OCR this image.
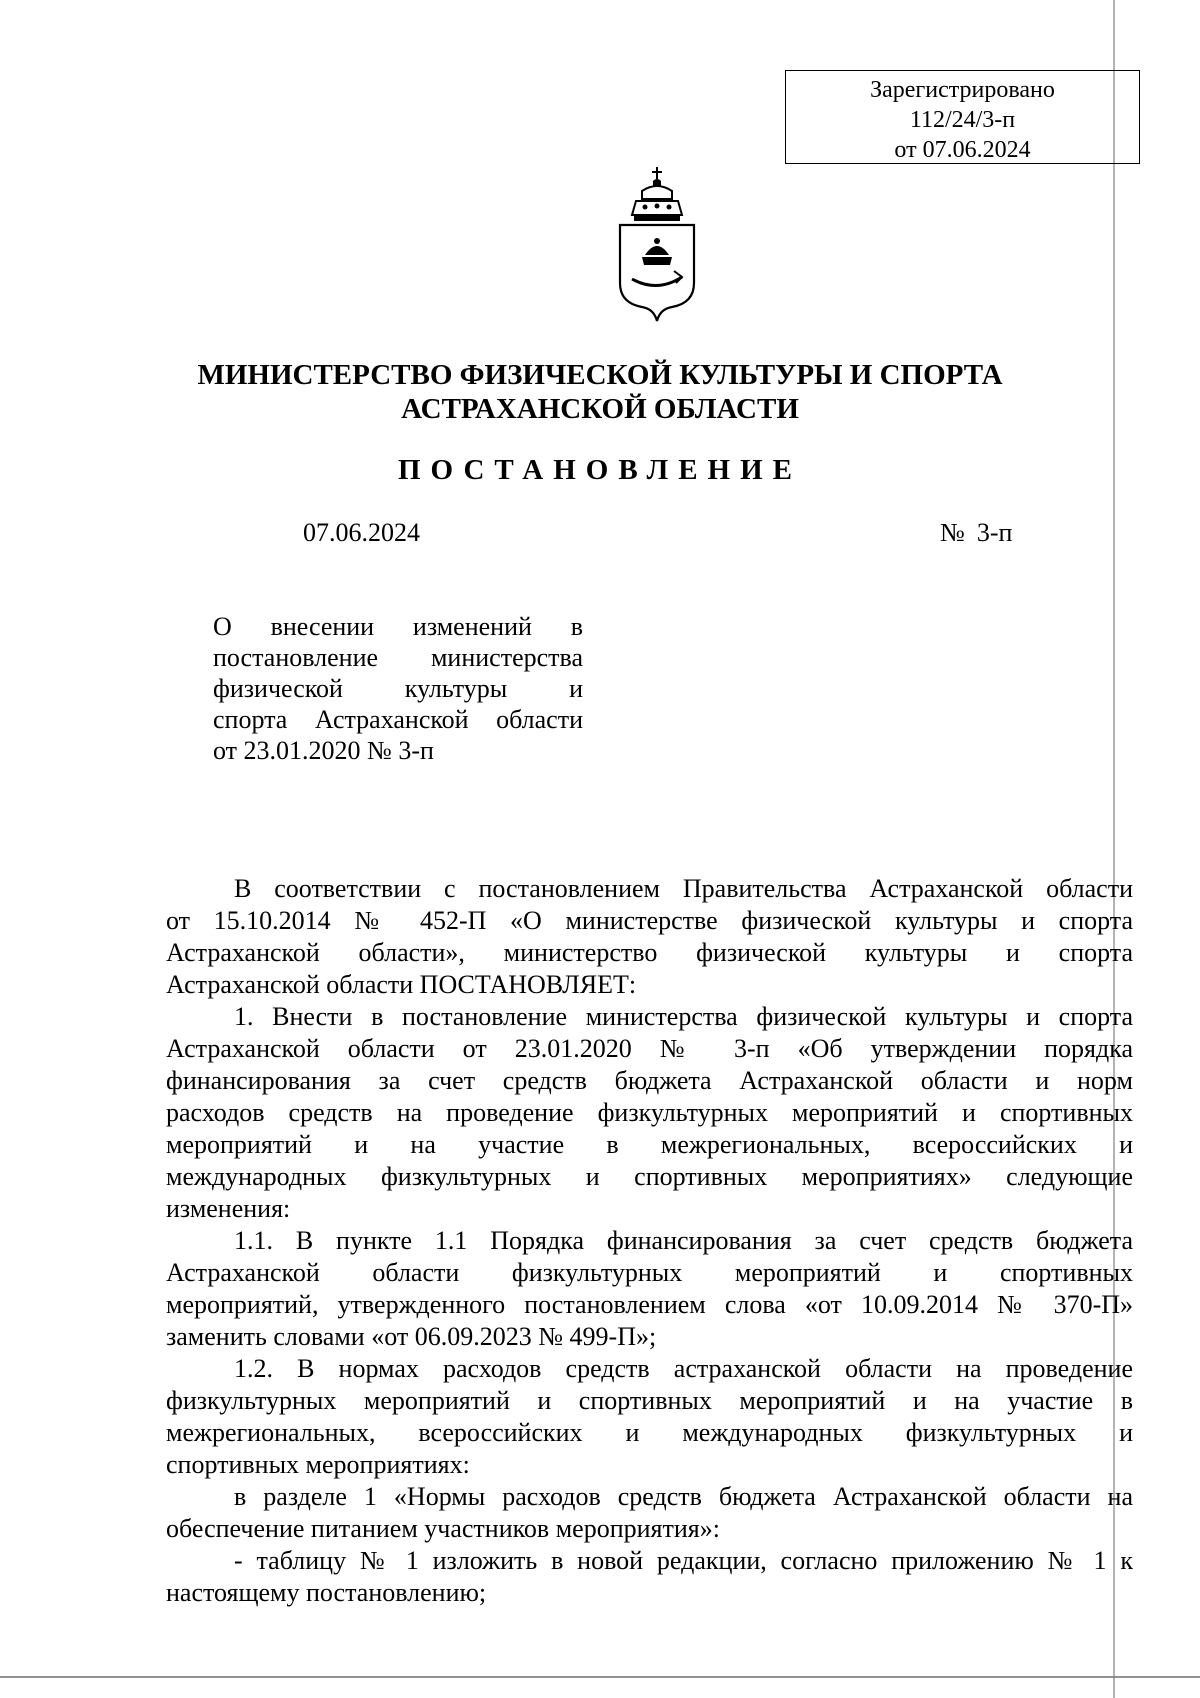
Зарегистрировано
112/24/3-п
от 07.06.2024
МИНИСТЕРСТВО ФИЗИЧЕСКОЙ КУЛЬТУРЫ И СПОРТА
АСТРАХАНСКОЙ ОБЛАСТИ
ПОСТАНОВЛЕНИЕ
07.06.2024	№ 3-п
О внесении изменений в
постановление министерства
физической культуры и
спорта Астраханской области
от 23.01.2020 № 3-п
В соответствии с постановлением Правительства Астраханской области
от 15.10.2014 № 452-П «О министерстве физической культуры и спорта
Астраханской области», министерство физической культуры и спорта
Астраханской области ПОСТАНОВЛЯЕТ:
1. Внести в постановление министерства физической культуры и спорта
Астраханской области от 23.01.2020 № 3-п «Об утверждении порядка
финансирования за счет средств бюджета Астраханской области и норм
расходов средств на проведение физкультурных мероприятий и спортивных
мероприятий и на участие в межрегиональных, всероссийских и
международных физкультурных и спортивных мероприятиях» следующие
изменения:
1.1. В пункте 1.1 Порядка финансирования за счет средств бюджета
Астраханской области физкультурных мероприятий и спортивных
мероприятий, утвержденного постановлением слова «от 10.09.2014 № 370-П»
заменить словами «от 06.09.2023 № 499-П»;
1.2. В нормах расходов средств астраханской области на проведение
физкультурных мероприятий и спортивных мероприятий и на участие в
межрегиональных, всероссийских и международных физкультурных и
спортивных мероприятиях:
в разделе 1 «Нормы расходов средств бюджета Астраханской области на
обеспечение питанием участников мероприятия»:
- таблицу № 1 изложить в новой редакции, согласно приложению № 1 к
настоящему постановлению;
